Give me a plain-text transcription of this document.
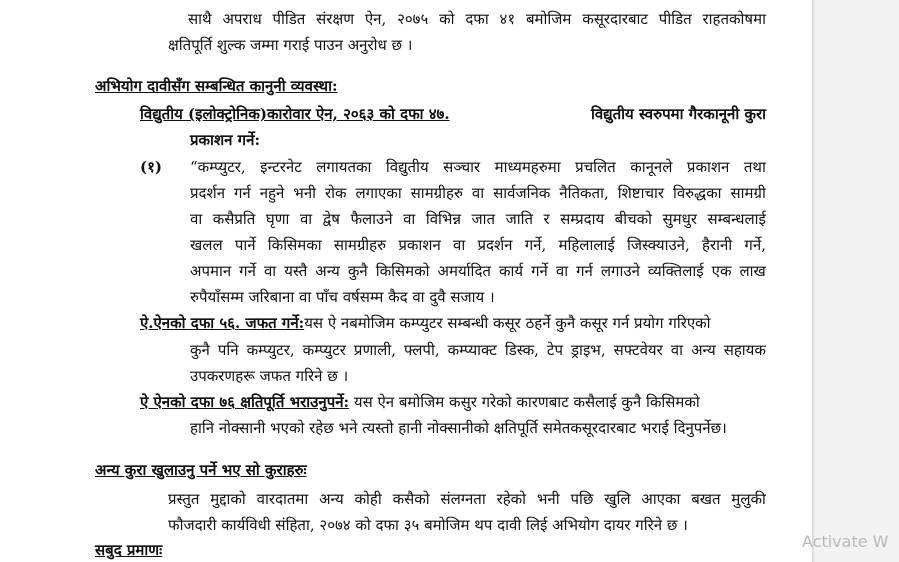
साथै अपराध पीडित संरक्षण ऐन, २०७५ को दफा ४१ बमोजिम कसूरदारबाट पीडित राहतकोषमा
क्षतिपूर्ति शुल्क जम्मा गराई पाउन अनुरोध छ ।
अभियोग दावीसँग सम्बन्धित कानुनी व्यवस्था:
विद्युतीय (इलोक्ट्रोनिक)कारोवार ऐन, २०६३ को दफा ४७.	विद्युतीय स्वरुपमा गैरकानूनी कुरा
प्रकाशन गर्ने:
(१) “कम्प्युटर, इन्टरनेट लगायतका विद्युतीय सञ्चार माध्यमहरुमा प्रचलित कानूनले प्रकाशन तथा
प्रदर्शन गर्न नहुने भनी रोक लगाएका सामग्रीहरु वा सार्वजनिक नैतिकता, शिष्टाचार विरुद्धका सामग्री
वा कसैप्रति घृणा वा द्वेष फैलाउने वा विभिन्न जात जाति र सम्प्रदाय बीचको सुमधुर सम्बन्धलाई
खलल पार्ने किसिमका सामग्रीहरु प्रकाशन वा प्रदर्शन गर्ने, महिलालाई जिस्क्याउने, हैरानी गर्ने,
अपमान गर्ने वा यस्तै अन्य कुनै किसिमको अमर्यादित कार्य गर्ने वा गर्न लगाउने व्यक्तिलाई एक लाख
रुपैयाँसम्म जरिबाना वा पाँच वर्षसम्म कैद वा दुवै सजाय ।
ऐ.ऐनको दफा ५६. जफत गर्ने:यस ऐ नबमोजिम कम्प्युटर सम्बन्धी कसूर ठहर्ने कुनै कसूर गर्न प्रयोग गरिएको
कुनै पनि कम्प्युटर, कम्प्युटर प्रणाली, फ्लपी, कम्प्याक्ट डिस्क, टेप ड्राइभ, सफ्टवेयर वा अन्य सहायक
उपकरणहरू जफत गरिने छ ।
ऐ ऐनको दफा ७६ क्षतिपूर्ति भराउनुपर्ने: यस ऐन बमोजिम कसुर गरेको कारणबाट कसैलाई कुनै किसिमको
हानि नोक्सानी भएको रहेछ भने त्यस्तो हानी नोक्सानीको क्षतिपूर्ति समेतकसूरदारबाट भराई दिनुपर्नेछ।
अन्य कुरा खुलाउनु पर्ने भए सो कुराहरुः
प्रस्तुत मुद्दाको वारदातमा अन्य कोही कसैको संलग्नता रहेको भनी पछि खुलि आएका बखत मुलुकी
फौजदारी कार्यविधी संहिता, २०७४ को दफा ३५ बमोजिम थप दावी लिई अभियोग दायर गरिने छ ।
सबुद प्रमाणः	Activate W
